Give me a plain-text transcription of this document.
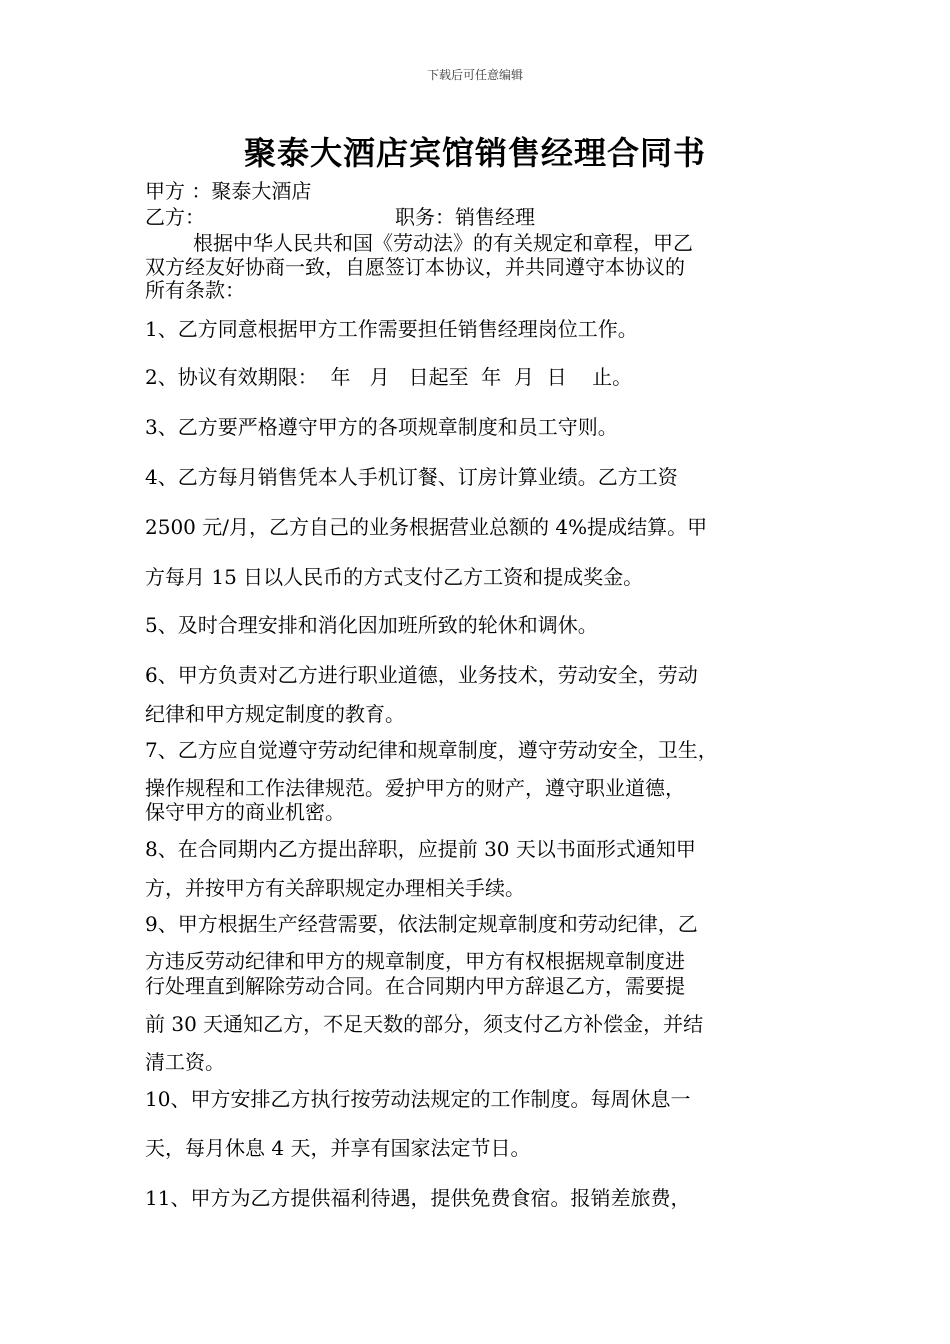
下载后可任意编辑
聚泰大酒店宾馆销售经理合同书
甲方 ：聚泰大酒店
乙方：	职务：销售经理
根据中华人民共和国《劳动法》的有关规定和章程，甲乙
双方经友好协商一致，自愿签订本协议，并共同遵守本协议的
所有条款：
1、乙方同意根据甲方工作需要担任销售经理岗位工作。
2、协议有效期限：  年   月   日起至  年  月  日    止。
3、乙方要严格遵守甲方的各项规章制度和员工守则。
4、乙方每月销售凭本人手机订餐、订房计算业绩。乙方工资
2500 元/月，乙方自己的业务根据营业总额的 4%提成结算。甲
方每月 15 日以人民币的方式支付乙方工资和提成奖金。
5、及时合理安排和消化因加班所致的轮休和调休。
6、甲方负责对乙方进行职业道德，业务技术，劳动安全，劳动
纪律和甲方规定制度的教育。
7、乙方应自觉遵守劳动纪律和规章制度，遵守劳动安全，卫生，
操作规程和工作法律规范。爱护甲方的财产，遵守职业道德，
保守甲方的商业机密。
8、在合同期内乙方提出辞职，应提前 30 天以书面形式通知甲
方，并按甲方有关辞职规定办理相关手续。
9、甲方根据生产经营需要，依法制定规章制度和劳动纪律，乙
方违反劳动纪律和甲方的规章制度，甲方有权根据规章制度进
行处理直到解除劳动合同。在合同期内甲方辞退乙方，需要提
前 30 天通知乙方，不足天数的部分，须支付乙方补偿金，并结
清工资。
10、甲方安排乙方执行按劳动法规定的工作制度。每周休息一
天，每月休息 4 天，并享有国家法定节日。
11、甲方为乙方提供福利待遇，提供免费食宿。报销差旅费，
